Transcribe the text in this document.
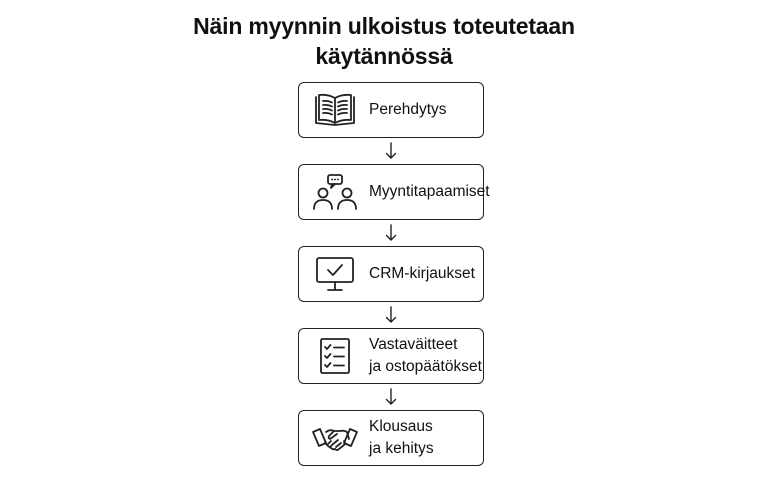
Näin myynnin ulkoistus toteutetaan
käytännössä
Perehdytys
Myyntitapaamiset
CRM-kirjaukset
Vastaväitteet
ja ostopäätökset
Klousaus
ja kehitys
